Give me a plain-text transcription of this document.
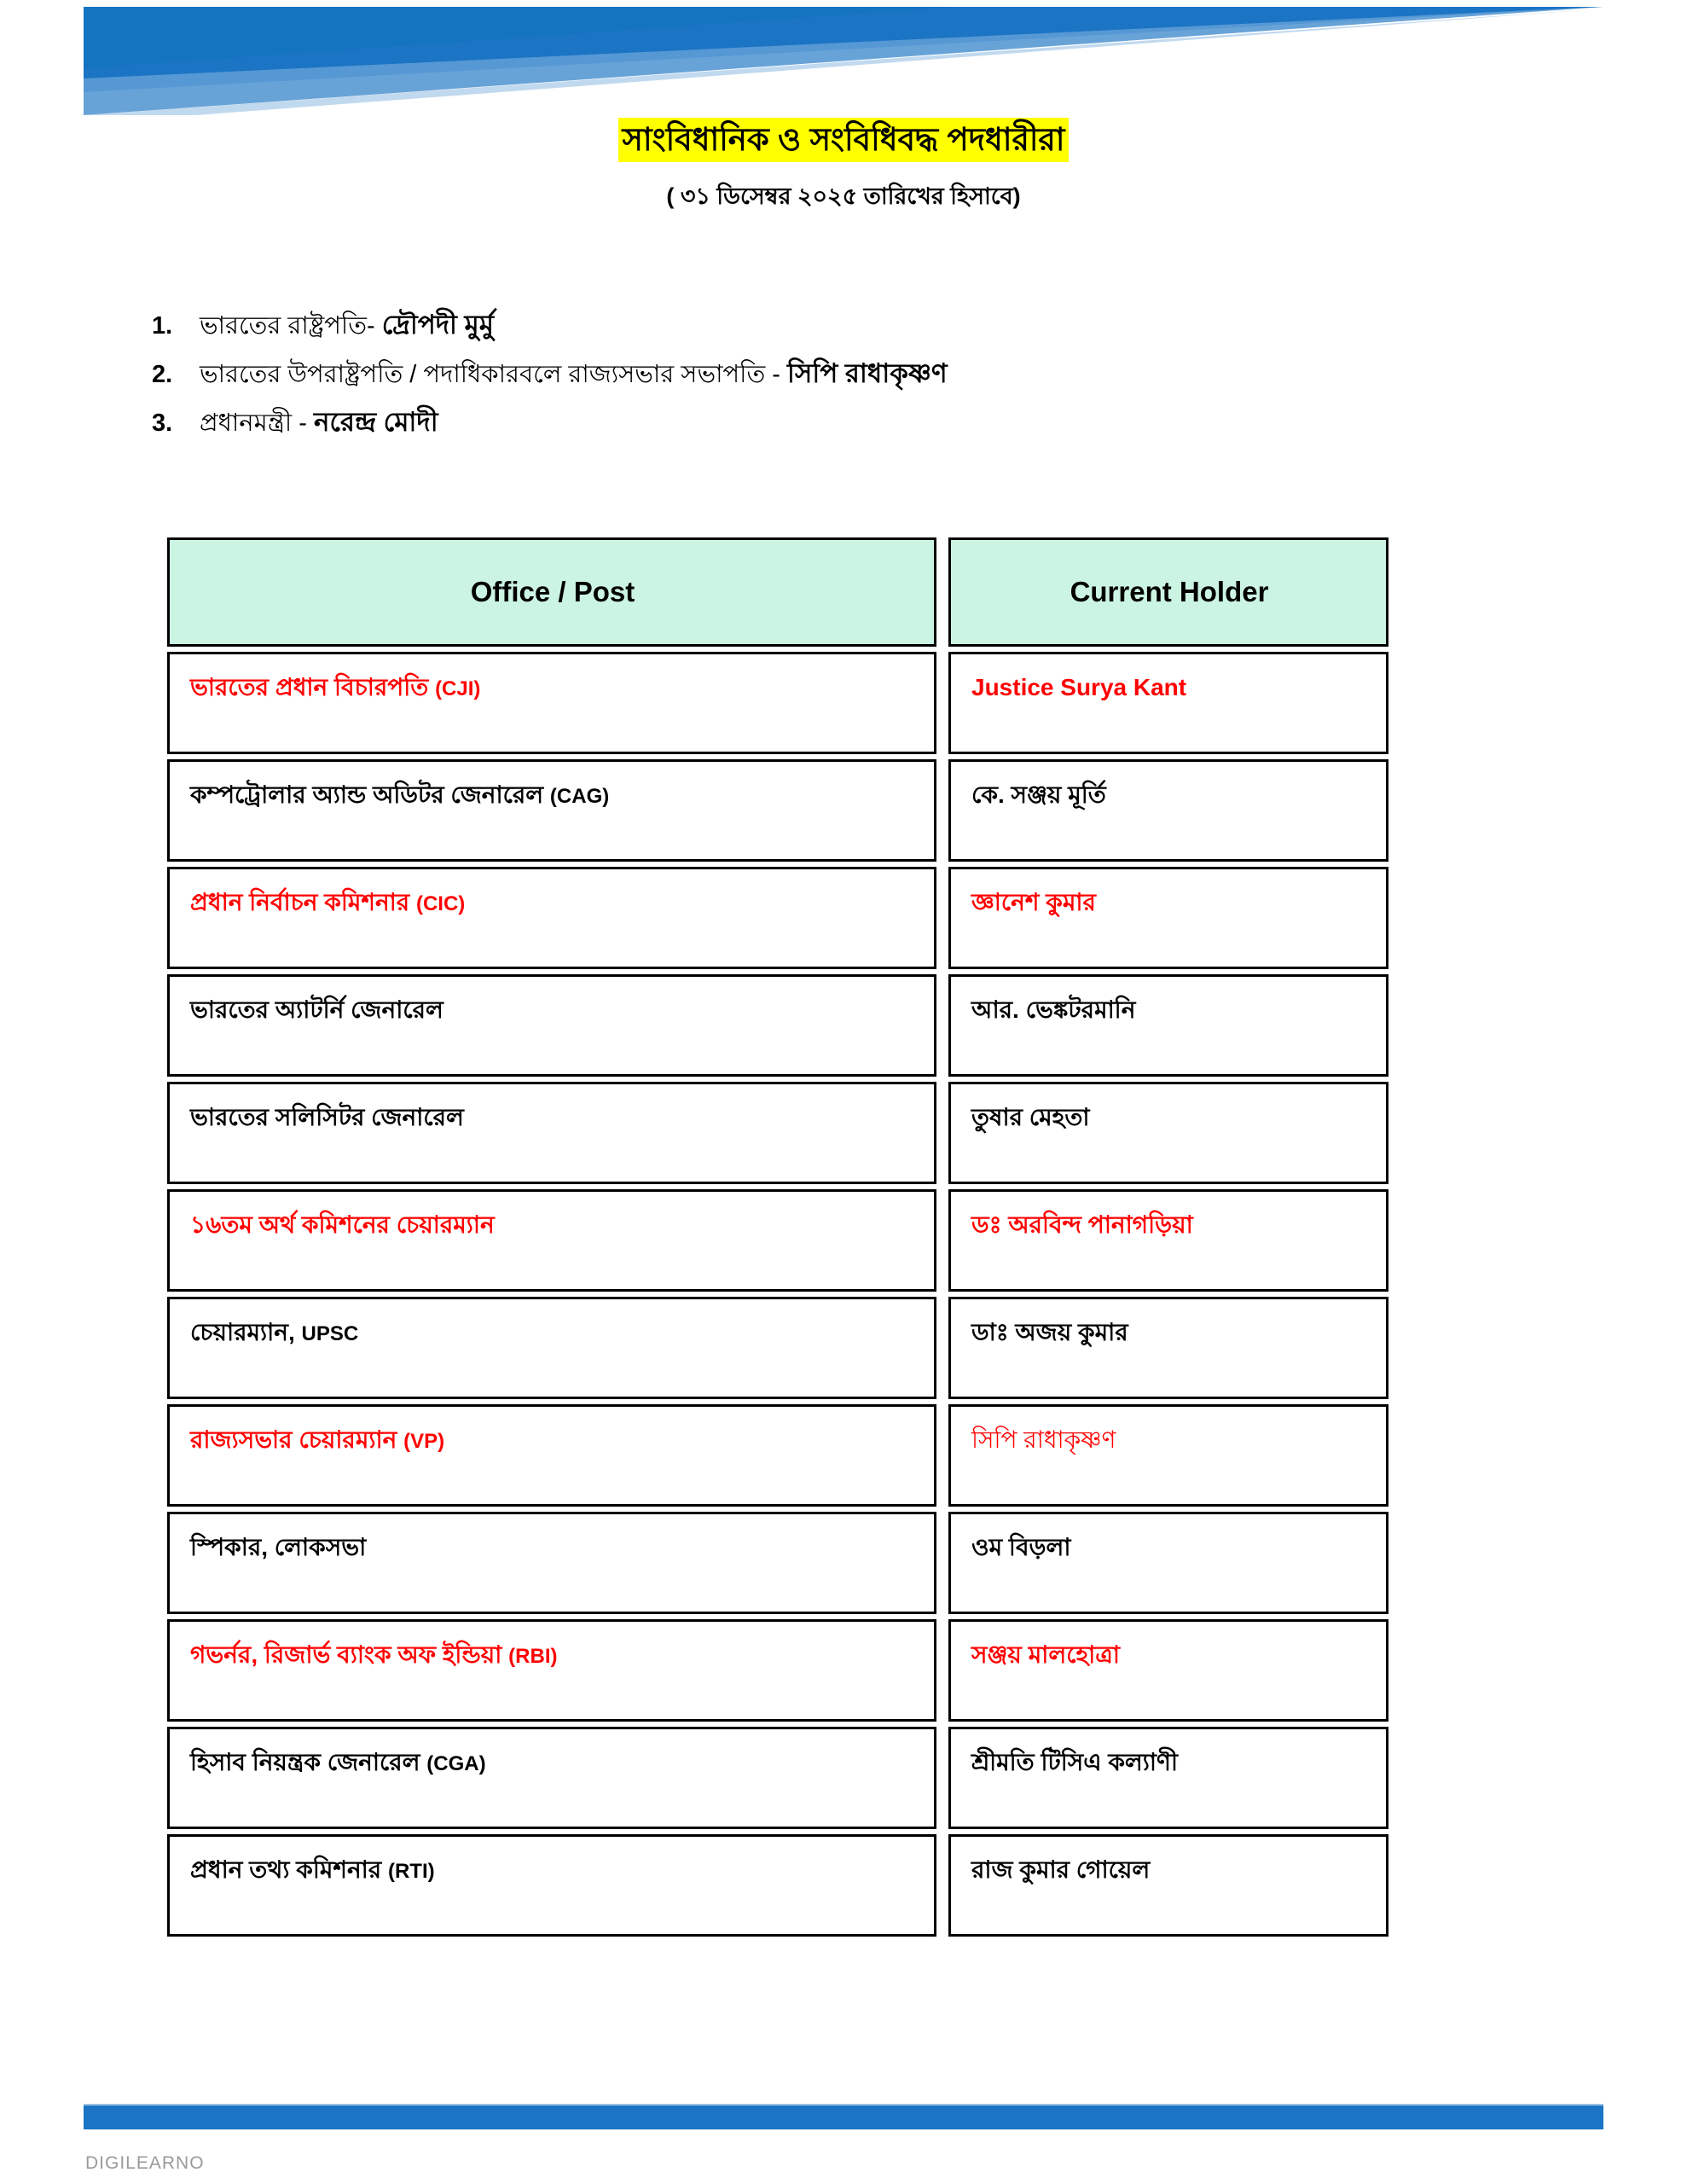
সাংবিধানিক ও সংবিধিবদ্ধ পদধারীরা
( ৩১ ডিসেম্বর ২০২৫ তারিখের হিসাবে)
1.	ভারতের রাষ্ট্রপতি- দ্রৌপদী মুর্মু
2.	ভারতের উপরাষ্ট্রপতি / পদাধিকারবলে রাজ্যসভার সভাপতি - সিপি রাধাকৃষ্ণণ
3.	প্রধানমন্ত্রী - নরেন্দ্র মোদী
Office / Post	Current Holder
ভারতের প্রধান বিচারপতি (CJI)	Justice Surya Kant
কম্পট্রোলার অ্যান্ড অডিটর জেনারেল (CAG)	কে. সঞ্জয় মূর্তি
প্রধান নির্বাচন কমিশনার (CIC)	জ্ঞানেশ কুমার
ভারতের অ্যাটর্নি জেনারেল	আর. ভেঙ্কটরমানি
ভারতের সলিসিটর জেনারেল	তুষার মেহতা
১৬তম অর্থ কমিশনের চেয়ারম্যান	ডঃ অরবিন্দ পানাগড়িয়া
চেয়ারম্যান, UPSC	ডাঃ অজয় কুমার
রাজ্যসভার চেয়ারম্যান (VP)	সিপি রাধাকৃষ্ণণ
স্পিকার, লোকসভা	ওম বিড়লা
গভর্নর, রিজার্ভ ব্যাংক অফ ইন্ডিয়া (RBI)	সঞ্জয় মালহোত্রা
হিসাব নিয়ন্ত্রক জেনারেল (CGA)	শ্রীমতি টিসিএ কল্যাণী
প্রধান তথ্য কমিশনার (RTI)	রাজ কুমার গোয়েল
DIGILEARNO
